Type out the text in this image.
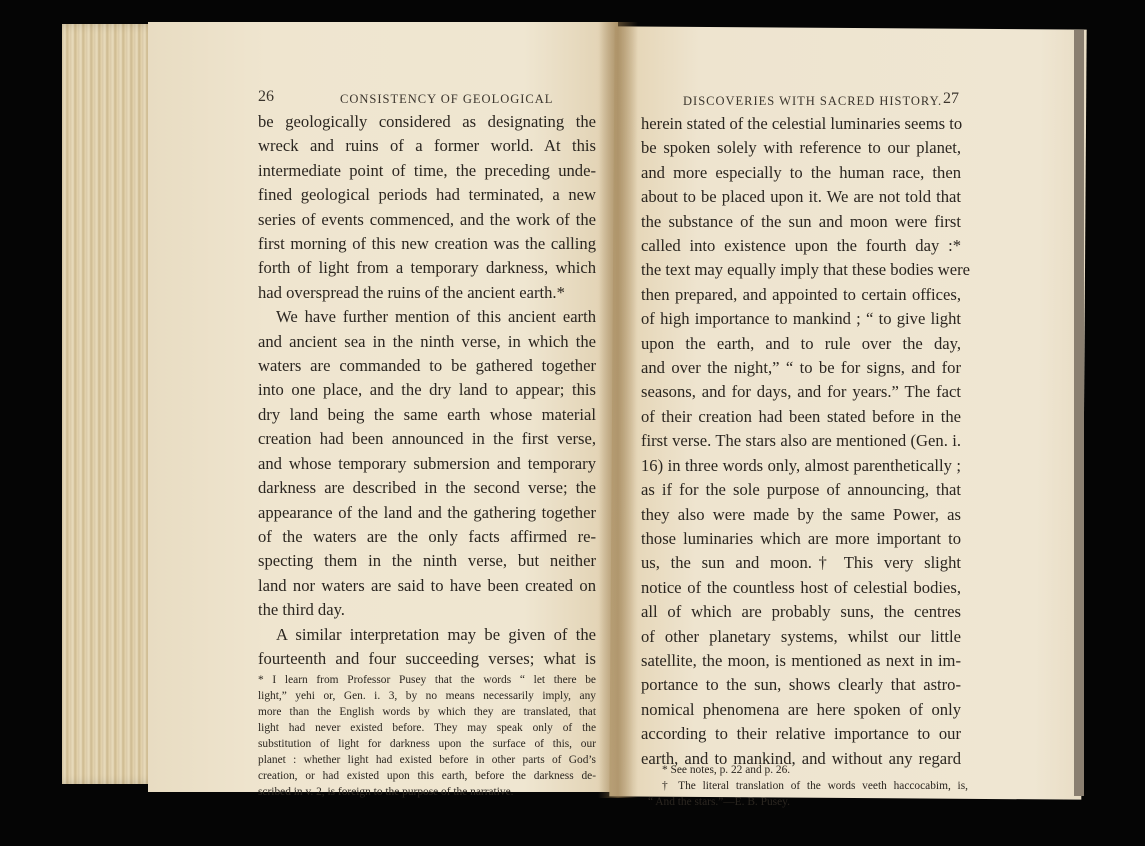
26	CONSISTENCY OF GEOLOGICAL
be geologically considered as designating the
wreck and ruins of a former world. At this
intermediate point of time, the preceding unde-
fined geological periods had terminated, a new
series of events commenced, and the work of the
first morning of this new creation was the calling
forth of light from a temporary darkness, which
had overspread the ruins of the ancient earth.*
We have further mention of this ancient earth
and ancient sea in the ninth verse, in which the
waters are commanded to be gathered together
into one place, and the dry land to appear; this
dry land being the same earth whose material
creation had been announced in the first verse,
and whose temporary submersion and temporary
darkness are described in the second verse; the
appearance of the land and the gathering together
of the waters are the only facts affirmed re-
specting them in the ninth verse, but neither
land nor waters are said to have been created on
the third day.
A similar interpretation may be given of the
fourteenth and four succeeding verses; what is
* I learn from Professor Pusey that the words “ let there be
light,” yehi or, Gen. i. 3, by no means necessarily imply, any
more than the English words by which they are translated, that
light had never existed before. They may speak only of the
substitution of light for darkness upon the surface of this, our
planet : whether light had existed before in other parts of God’s
creation, or had existed upon this earth, before the darkness de-
scribed in v. 2, is foreign to the purpose of the narrative.
DISCOVERIES WITH SACRED HISTORY. 27
herein stated of the celestial luminaries seems to
be spoken solely with reference to our planet,
and more especially to the human race, then
about to be placed upon it. We are not told that
the substance of the sun and moon were first
called into existence upon the fourth day :*
the text may equally imply that these bodies were
then prepared, and appointed to certain offices,
of high importance to mankind ; “ to give light
upon the earth, and to rule over the day,
and over the night,” “ to be for signs, and for
seasons, and for days, and for years.” The fact
of their creation had been stated before in the
first verse. The stars also are mentioned (Gen. i.
16) in three words only, almost parenthetically ;
as if for the sole purpose of announcing, that
they also were made by the same Power, as
those luminaries which are more important to
us, the sun and moon.† This very slight
notice of the countless host of celestial bodies,
all of which are probably suns, the centres
of other planetary systems, whilst our little
satellite, the moon, is mentioned as next in im-
portance to the sun, shows clearly that astro-
nomical phenomena are here spoken of only
according to their relative importance to our
earth, and to mankind, and without any regard
* See notes, p. 22 and p. 26.
† The literal translation of the words veeth haccocabim, is,
“ And the stars.”—E. B. Pusey.
